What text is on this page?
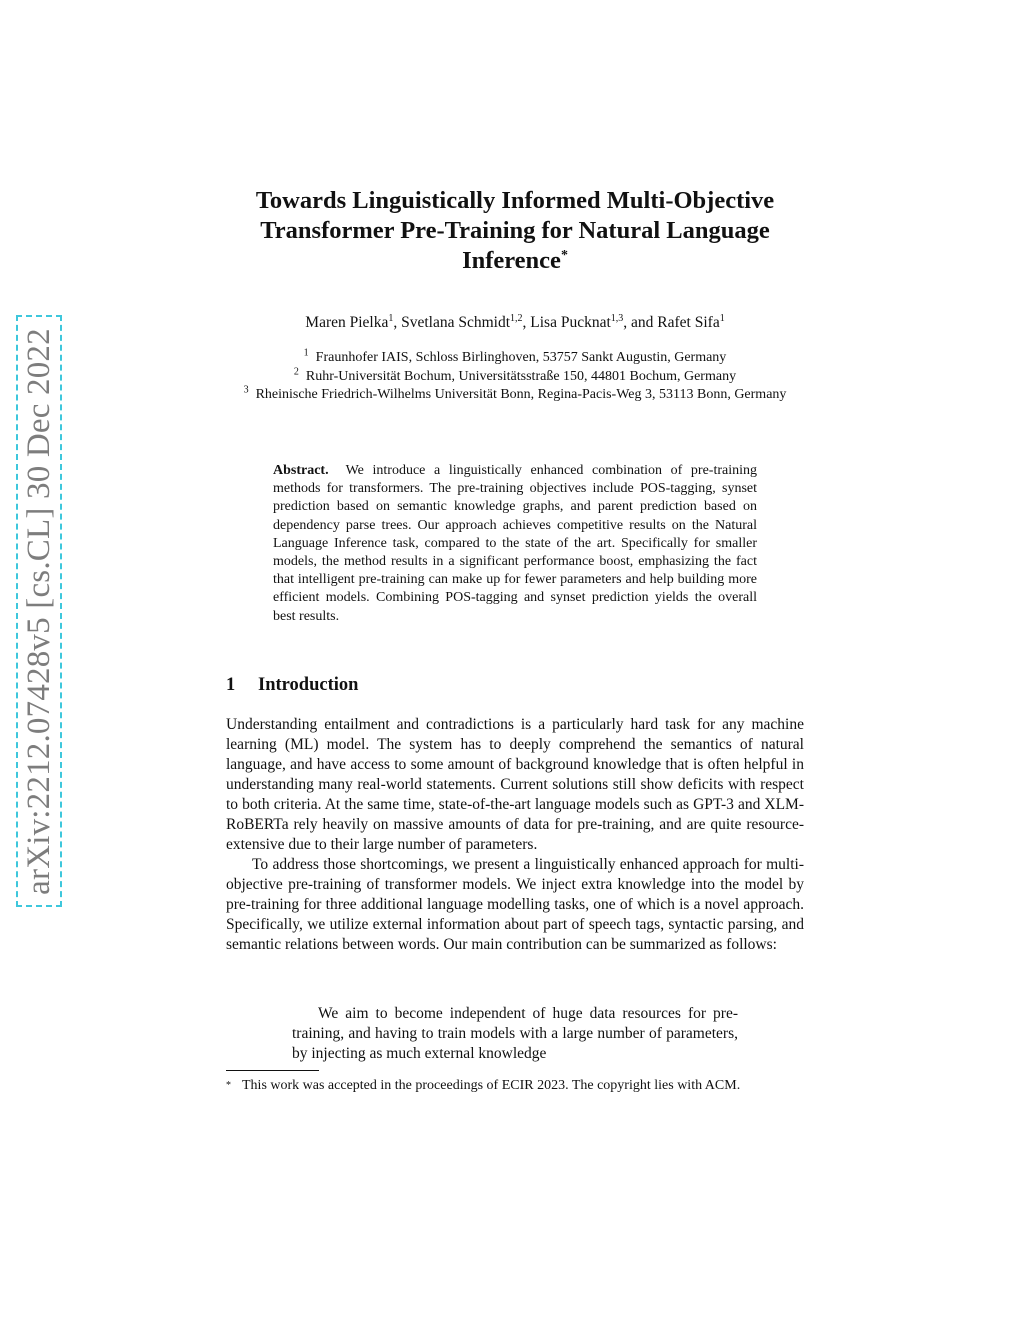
arXiv:2212.07428v5 [cs.CL] 30 Dec 2022
Towards Linguistically Informed Multi-Objective Transformer Pre-Training for Natural Language Inference*
Maren Pielka$^1$, Svetlana Schmidt$^{1,2}$, Lisa Pucknat$^{1,3}$, and Rafet Sifa$^1$
$^1$ Fraunhofer IAIS, Schloss Birlinghoven, 53757 Sankt Augustin, Germany
$^2$ Ruhr-Universität Bochum, Universitätsstraße 150, 44801 Bochum, Germany
$^3$ Rheinische Friedrich-Wilhelms Universität Bonn, Regina-Pacis-Weg 3, 53113 Bonn, Germany
Abstract. We introduce a linguistically enhanced combination of pre-training methods for transformers. The pre-training objectives include POS-tagging, synset prediction based on semantic knowledge graphs, and parent prediction based on dependency parse trees. Our approach achieves competitive results on the Natural Language Inference task, compared to the state of the art. Specifically for smaller models, the method results in a significant performance boost, emphasizing the fact that intelligent pre-training can make up for fewer parameters and help building more efficient models. Combining POS-tagging and synset prediction yields the overall best results.
1 Introduction

Understanding entailment and contradictions is a particularly hard task for any machine learning (ML) model. The system has to deeply comprehend the semantics of natural language, and have access to some amount of background knowledge that is often helpful in understanding many real-world statements. Current solutions still show deficits with respect to both criteria. At the same time, state-of-the-art language models such as GPT-3 and XLM-RoBERTa rely heavily on massive amounts of data for pre-training, and are quite resource-extensive due to their large number of parameters.

To address those shortcomings, we present a linguistically enhanced approach for multi-objective pre-training of transformer models. We inject extra knowledge into the model by pre-training for three additional language modelling tasks, one of which is a novel approach. Specifically, we utilize external information about part of speech tags, syntactic parsing, and semantic relations between words. Our main contribution can be summarized as follows:

We aim to become independent of huge data resources for pre-training, and having to train models with a large number of parameters, by injecting as much external knowledge

* This work was accepted in the proceedings of ECIR 2023. The copyright lies with ACM.
